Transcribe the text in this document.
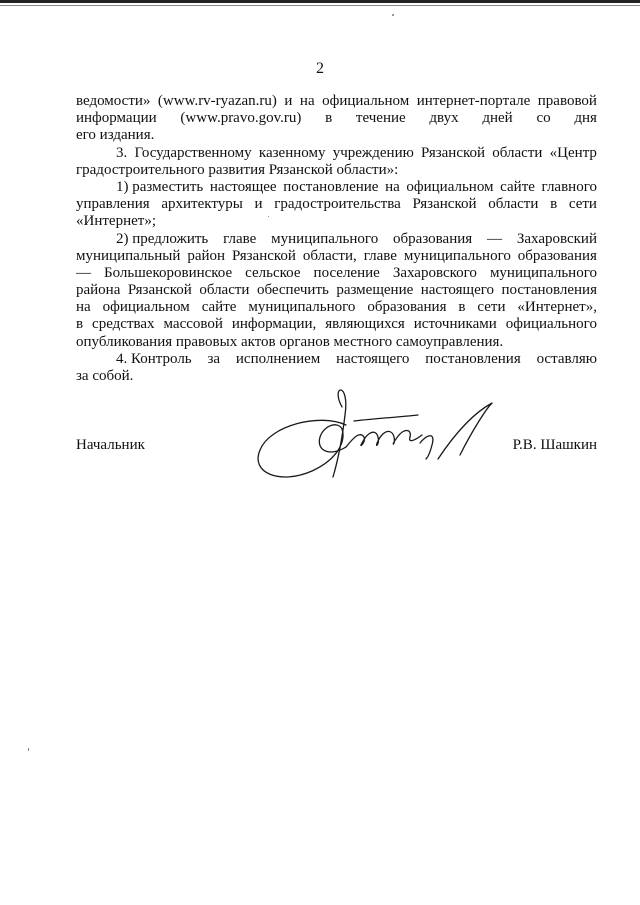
2
ведомости» (www.rv-ryazan.ru) и на официальном интернет-портале правовой
информации (www.pravo.gov.ru) в течение двух дней со дня
его издания.
3. Государственному казенному учреждению Рязанской области «Центр
градостроительного развития Рязанской области»:
1) разместить настоящее постановление на официальном сайте главного
управления архитектуры и градостроительства Рязанской области в сети
«Интернет»;
2) предложить главе муниципального образования — Захаровский
муниципальный район Рязанской области, главе муниципального образования
— Большекоровинское сельское поселение Захаровского муниципального
района Рязанской области обеспечить размещение настоящего постановления
на официальном сайте муниципального образования в сети «Интернет»,
в средствах массовой информации, являющихся источниками официального
опубликования правовых актов органов местного самоуправления.
4. Контроль за исполнением настоящего постановления оставляю
за собой.
Начальник	Р.В. Шашкин
